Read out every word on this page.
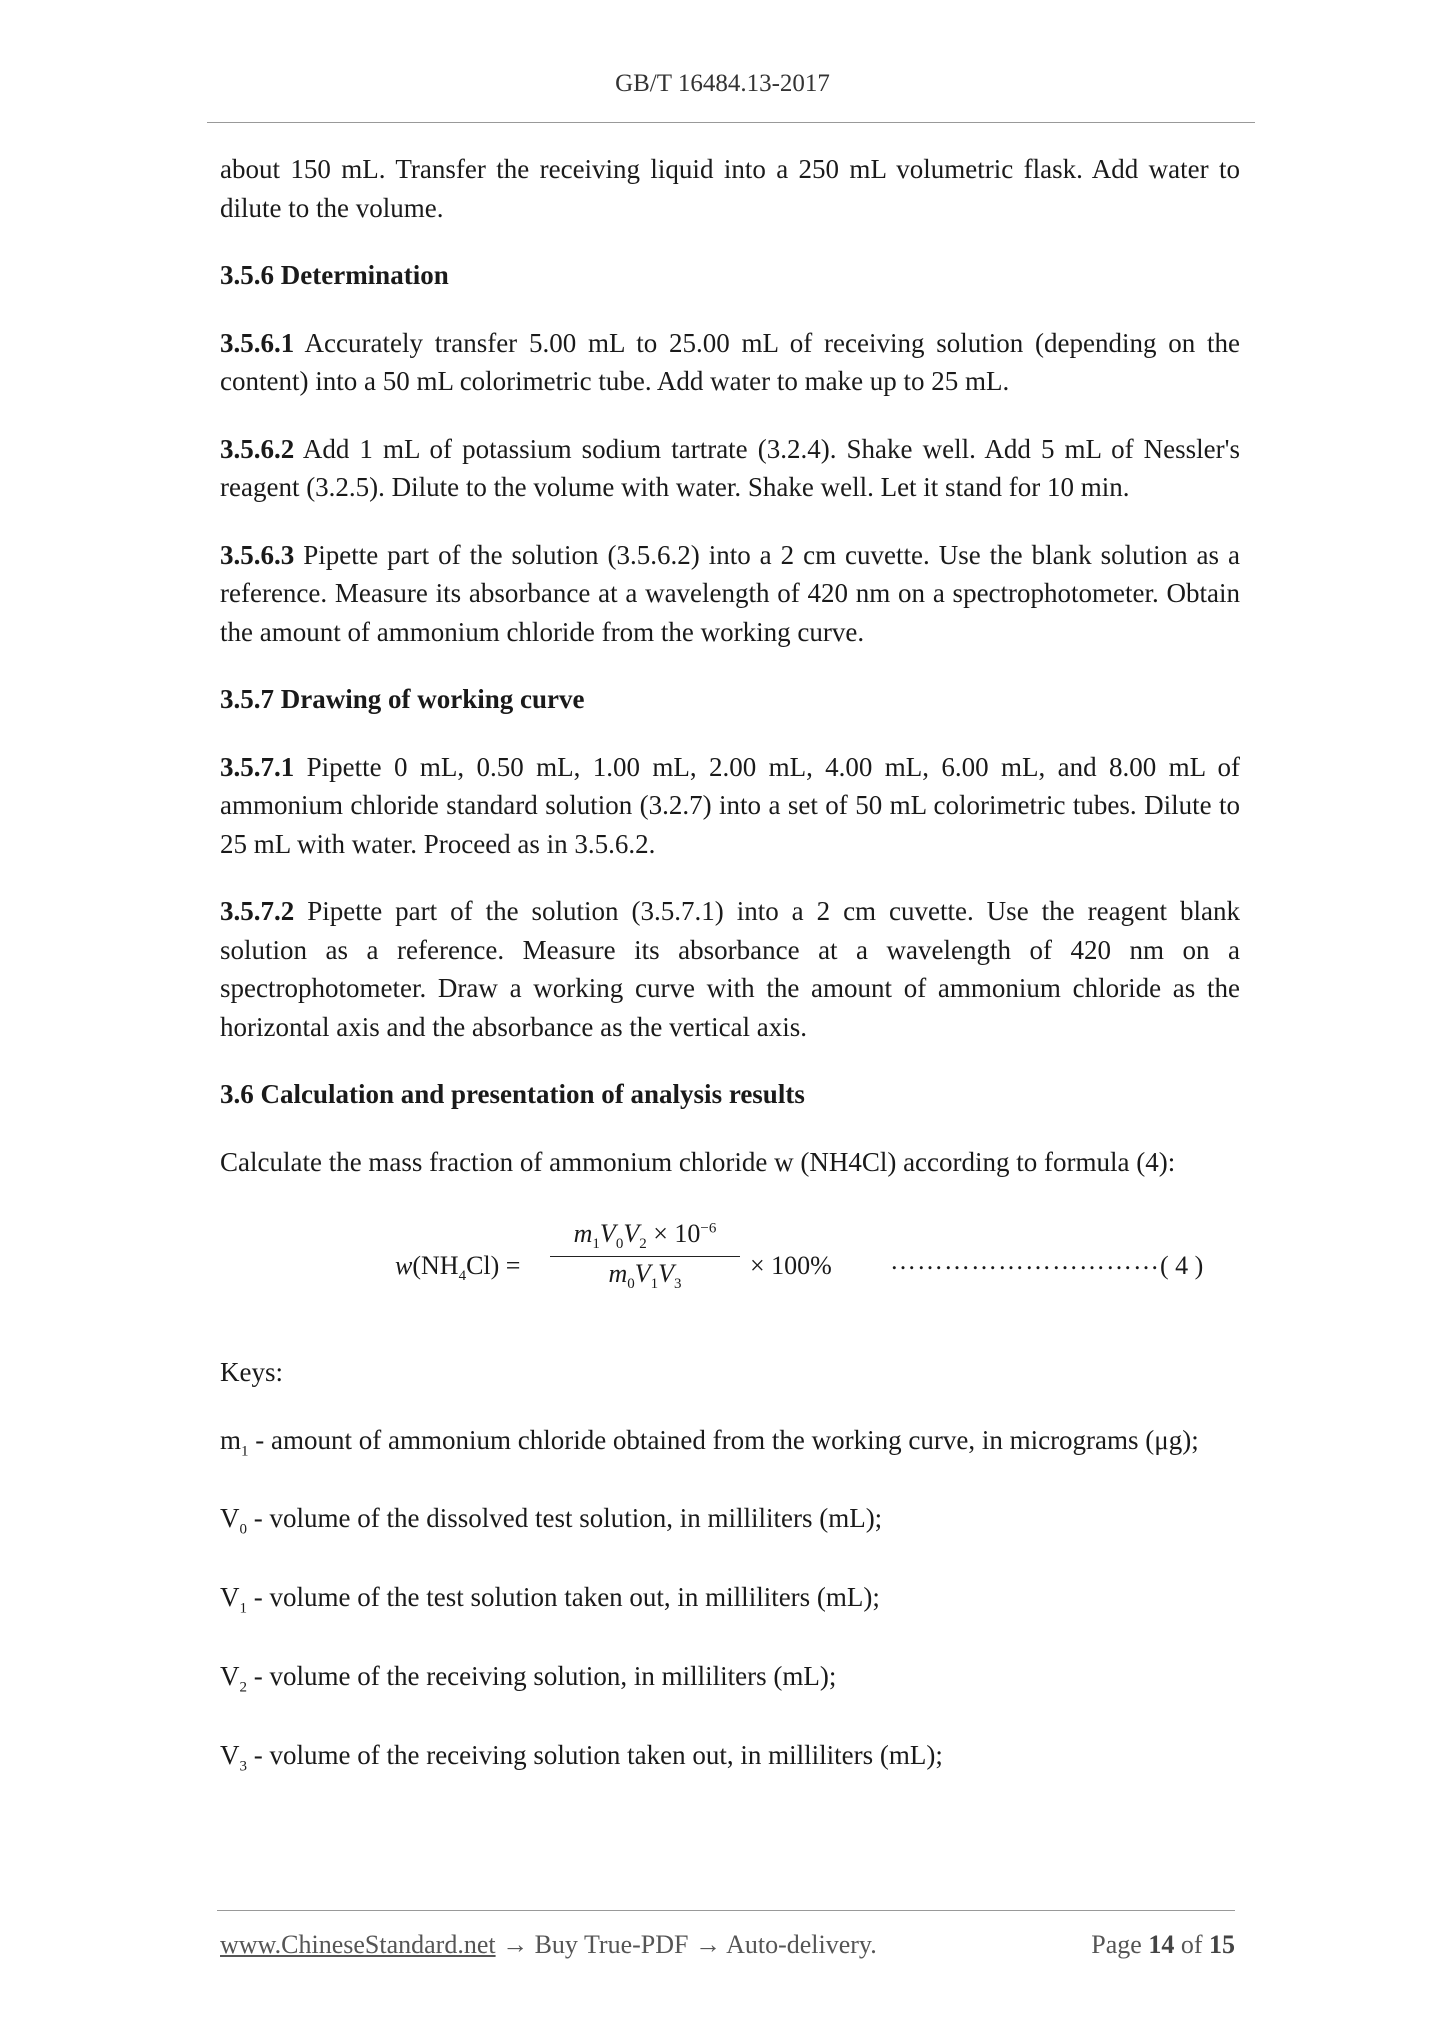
GB/T 16484.13-2017

about 150 mL. Transfer the receiving liquid into a 250 mL volumetric flask. Add water to dilute to the volume.

3.5.6 Determination

3.5.6.1 Accurately transfer 5.00 mL to 25.00 mL of receiving solution (depending on the content) into a 50 mL colorimetric tube. Add water to make up to 25 mL.

3.5.6.2 Add 1 mL of potassium sodium tartrate (3.2.4). Shake well. Add 5 mL of Nessler's reagent (3.2.5). Dilute to the volume with water. Shake well. Let it stand for 10 min.

3.5.6.3 Pipette part of the solution (3.5.6.2) into a 2 cm cuvette. Use the blank solution as a reference. Measure its absorbance at a wavelength of 420 nm on a spectrophotometer. Obtain the amount of ammonium chloride from the working curve.

3.5.7 Drawing of working curve

3.5.7.1 Pipette 0 mL, 0.50 mL, 1.00 mL, 2.00 mL, 4.00 mL, 6.00 mL, and 8.00 mL of ammonium chloride standard solution (3.2.7) into a set of 50 mL colorimetric tubes. Dilute to 25 mL with water. Proceed as in 3.5.6.2.

3.5.7.2 Pipette part of the solution (3.5.7.1) into a 2 cm cuvette. Use the reagent blank solution as a reference. Measure its absorbance at a wavelength of 420 nm on a spectrophotometer. Draw a working curve with the amount of ammonium chloride as the horizontal axis and the absorbance as the vertical axis.

3.6 Calculation and presentation of analysis results

Calculate the mass fraction of ammonium chloride w (NH4Cl) according to formula (4):

$w(NH_4Cl) = \frac{m_1V_0V_2 \times 10^{-6}}{m_0V_1V_3} \times 100\%$ ………………………… ( 4 )

Keys:

$m_1$ - amount of ammonium chloride obtained from the working curve, in micrograms (μg);

$V_0$ - volume of the dissolved test solution, in milliliters (mL);

$V_1$ - volume of the test solution taken out, in milliliters (mL);

$V_2$ - volume of the receiving solution, in milliliters (mL);

$V_3$ - volume of the receiving solution taken out, in milliliters (mL);

www.ChineseStandard.net → Buy True-PDF → Auto-delivery.	Page 14 of 15
